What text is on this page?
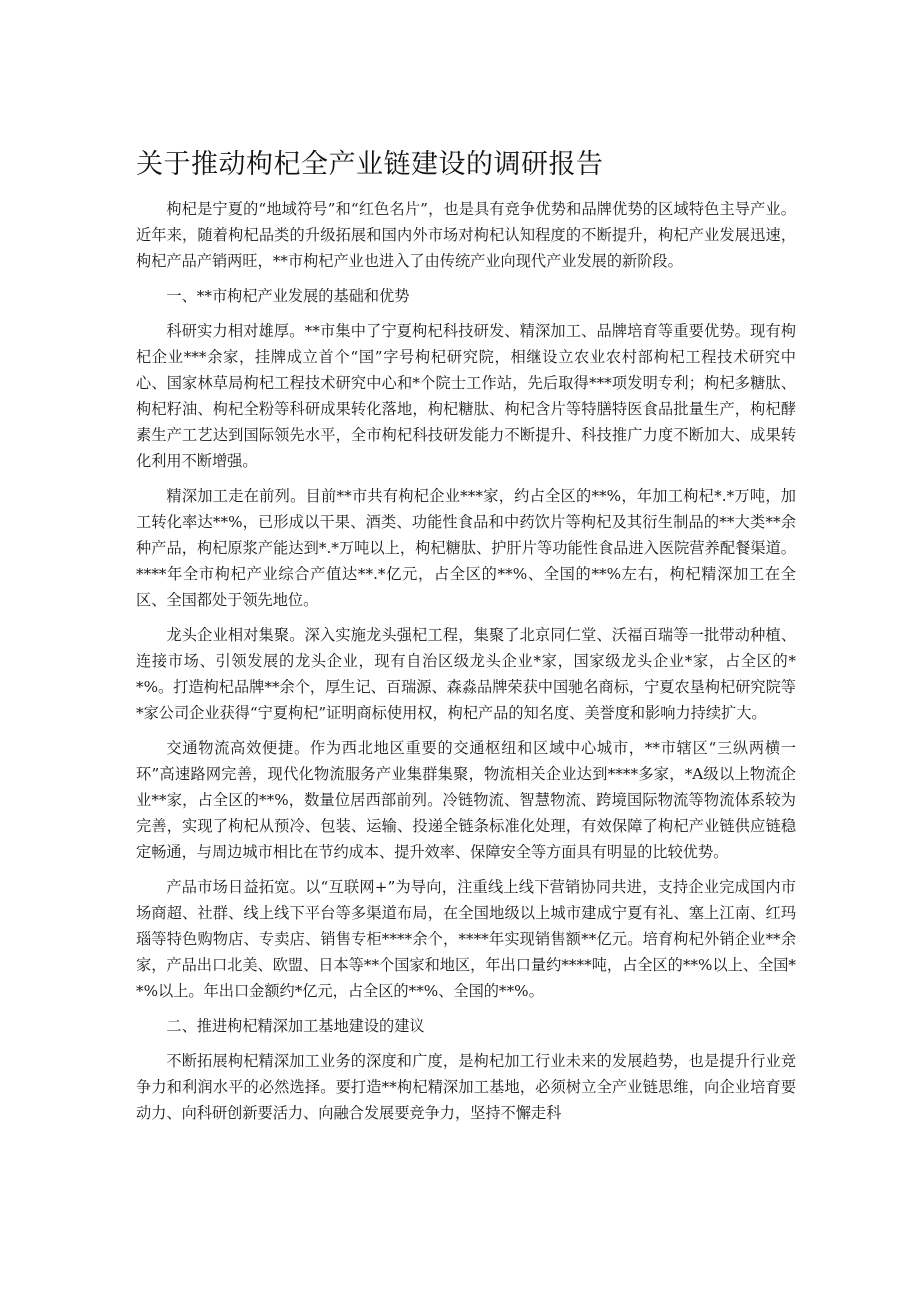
关于推动枸杞全产业链建设的调研报告

枸杞是宁夏的“地域符号”和“红色名片”，也是具有竞争优势和品牌优势的区域特色主导产业。近年来，随着枸杞品类的升级拓展和国内外市场对枸杞认知程度的不断提升，枸杞产业发展迅速，枸杞产品产销两旺，**市枸杞产业也进入了由传统产业向现代产业发展的新阶段。

一、**市枸杞产业发展的基础和优势

科研实力相对雄厚。**市集中了宁夏枸杞科技研发、精深加工、品牌培育等重要优势。现有枸杞企业***余家，挂牌成立首个“国”字号枸杞研究院，相继设立农业农村部枸杞工程技术研究中心、国家林草局枸杞工程技术研究中心和*个院士工作站，先后取得***项发明专利；枸杞多糖肽、枸杞籽油、枸杞全粉等科研成果转化落地，枸杞糖肽、枸杞含片等特膳特医食品批量生产，枸杞酵素生产工艺达到国际领先水平，全市枸杞科技研发能力不断提升、科技推广力度不断加大、成果转化利用不断增强。

精深加工走在前列。目前**市共有枸杞企业***家，约占全区的**%，年加工枸杞*.*万吨，加工转化率达**%，已形成以干果、酒类、功能性食品和中药饮片等枸杞及其衍生制品的**大类**余种产品，枸杞原浆产能达到*.*万吨以上，枸杞糖肽、护肝片等功能性食品进入医院营养配餐渠道。****年全市枸杞产业综合产值达**.*亿元，占全区的**%、全国的**%左右，枸杞精深加工在全区、全国都处于领先地位。

龙头企业相对集聚。深入实施龙头强杞工程，集聚了北京同仁堂、沃福百瑞等一批带动种植、连接市场、引领发展的龙头企业，现有自治区级龙头企业*家，国家级龙头企业*家，占全区的**%。打造枸杞品牌**余个，厚生记、百瑞源、森淼品牌荣获中国驰名商标，宁夏农垦枸杞研究院等*家公司企业获得“宁夏枸杞”证明商标使用权，枸杞产品的知名度、美誉度和影响力持续扩大。

交通物流高效便捷。作为西北地区重要的交通枢纽和区域中心城市，**市辖区“三纵两横一环”高速路网完善，现代化物流服务产业集群集聚，物流相关企业达到****多家，*A级以上物流企业**家，占全区的**%，数量位居西部前列。冷链物流、智慧物流、跨境国际物流等物流体系较为完善，实现了枸杞从预冷、包装、运输、投递全链条标准化处理，有效保障了枸杞产业链供应链稳定畅通，与周边城市相比在节约成本、提升效率、保障安全等方面具有明显的比较优势。

产品市场日益拓宽。以“互联网+”为导向，注重线上线下营销协同共进，支持企业完成国内市场商超、社群、线上线下平台等多渠道布局，在全国地级以上城市建成宁夏有礼、塞上江南、红玛瑙等特色购物店、专卖店、销售专柜****余个，****年实现销售额**亿元。培育枸杞外销企业**余家，产品出口北美、欧盟、日本等**个国家和地区，年出口量约****吨，占全区的**%以上、全国**%以上。年出口金额约*亿元，占全区的**%、全国的**%。

二、推进枸杞精深加工基地建设的建议

不断拓展枸杞精深加工业务的深度和广度，是枸杞加工行业未来的发展趋势，也是提升行业竞争力和利润水平的必然选择。要打造**枸杞精深加工基地，必须树立全产业链思维，向企业培育要动力、向科研创新要活力、向融合发展要竞争力，坚持不懈走科
